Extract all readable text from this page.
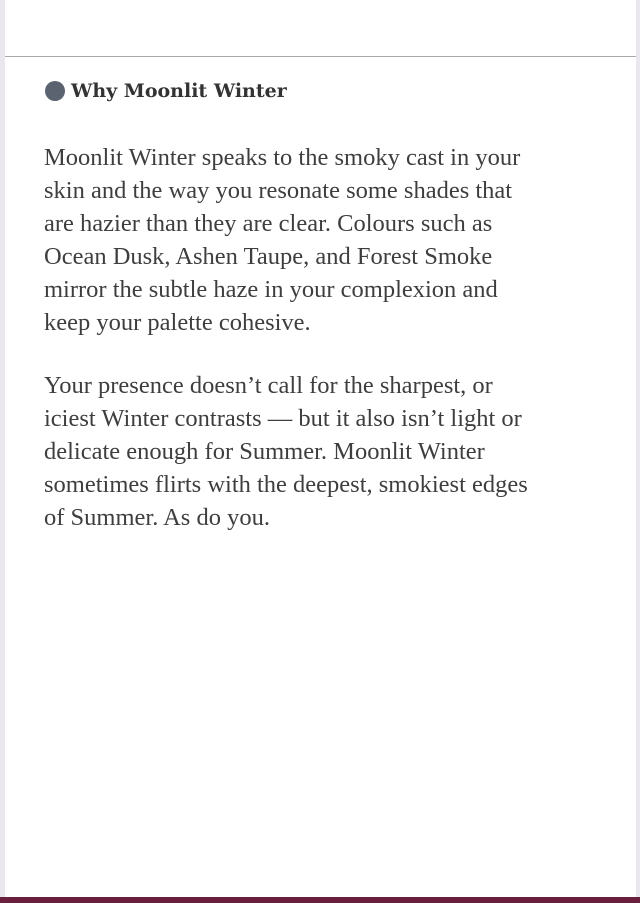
Why Moonlit Winter

Moonlit Winter speaks to the smoky cast in your
skin and the way you resonate some shades that
are hazier than they are clear. Colours such as
Ocean Dusk, Ashen Taupe, and Forest Smoke
mirror the subtle haze in your complexion and
keep your palette cohesive.

Your presence doesn’t call for the sharpest, or
iciest Winter contrasts — but it also isn’t light or
delicate enough for Summer. Moonlit Winter
sometimes flirts with the deepest, smokiest edges
of Summer. As do you.
